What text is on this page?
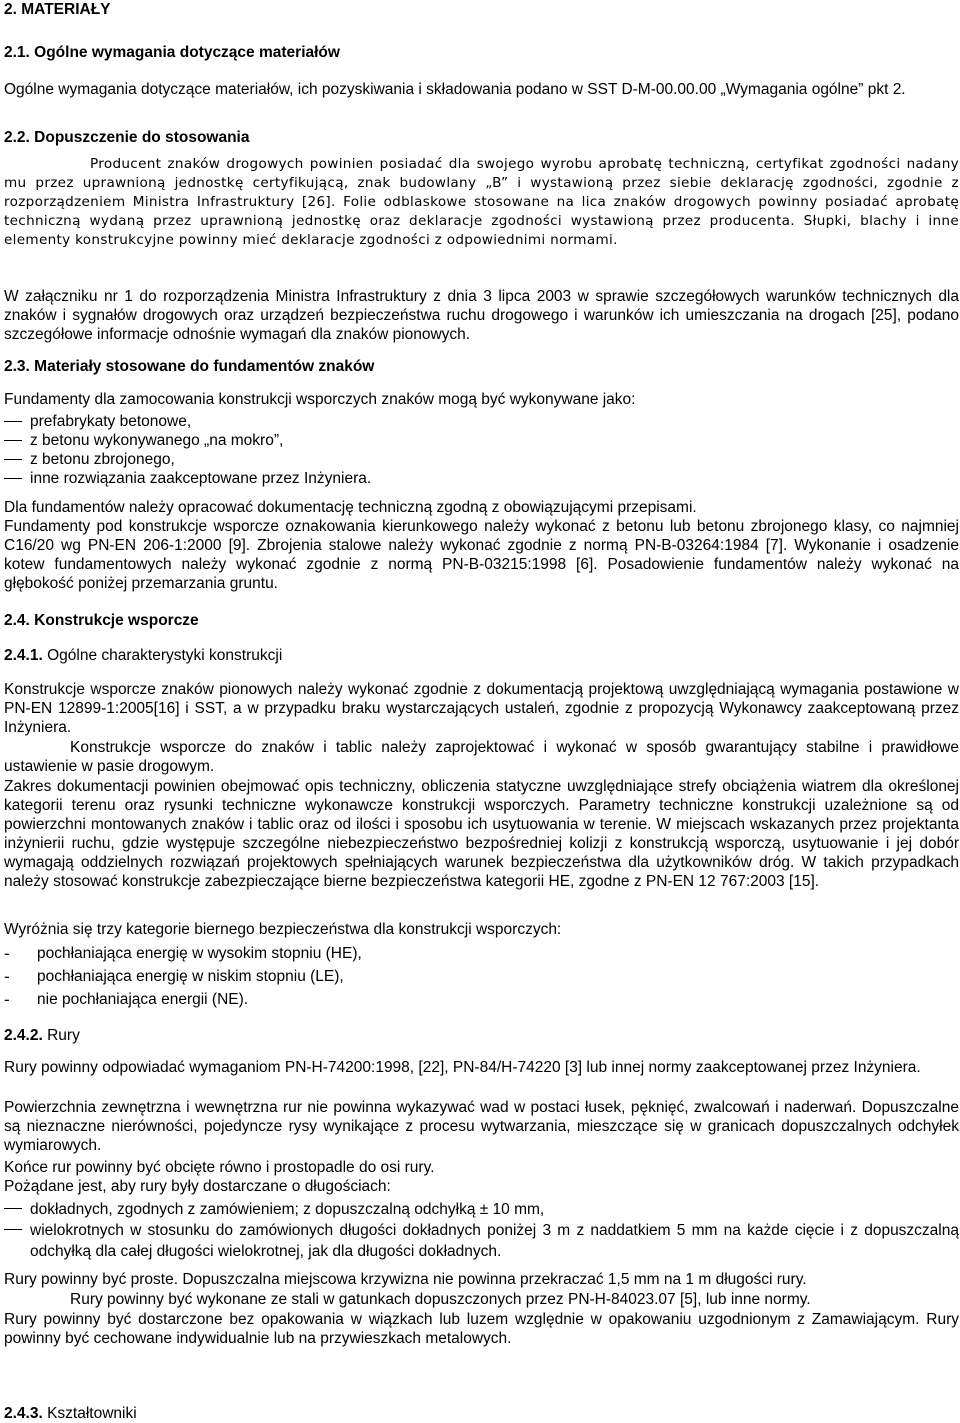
2. MATERIAŁY
2.1. Ogólne wymagania dotyczące materiałów

Ogólne wymagania dotyczące materiałów, ich pozyskiwania i składowania podano w SST D-M-00.00.00 „Wymagania ogólne” pkt 2.

2.2. Dopuszczenie do stosowania

Producent znaków drogowych powinien posiadać dla swojego wyrobu aprobatę techniczną, certyfikat zgodności nadany mu przez uprawnioną jednostkę certyfikującą, znak budowlany „B” i wystawioną przez siebie deklarację zgodności, zgodnie z rozporządzeniem Ministra Infrastruktury [26]. Folie odblaskowe stosowane na lica znaków drogowych powinny posiadać aprobatę techniczną wydaną przez uprawnioną jednostkę oraz deklaracje zgodności wystawioną przez producenta. Słupki, blachy i inne elementy konstrukcyjne powinny mieć deklaracje zgodności z odpowiednimi normami.

W załączniku nr 1 do rozporządzenia Ministra Infrastruktury z dnia 3 lipca 2003 w sprawie szczegółowych warunków technicznych dla znaków i sygnałów drogowych oraz urządzeń bezpieczeństwa ruchu drogowego i warunków ich umieszczania na drogach [25], podano szczegółowe informacje odnośnie wymagań dla znaków pionowych.

2.3. Materiały stosowane do fundamentów znaków

Fundamenty dla zamocowania konstrukcji wsporczych znaków mogą być wykonywane jako:

prefabrykaty betonowe,
z betonu wykonywanego „na mokro”,
z betonu zbrojonego,
inne rozwiązania zaakceptowane przez Inżyniera.

Dla fundamentów należy opracować dokumentację techniczną zgodną z obowiązującymi przepisami.

Fundamenty pod konstrukcje wsporcze oznakowania kierunkowego należy wykonać z betonu lub betonu zbrojonego klasy, co najmniej C16/20 wg PN-EN 206-1:2000 [9]. Zbrojenia stalowe należy wykonać zgodnie z normą PN-B-03264:1984 [7]. Wykonanie i osadzenie kotew fundamentowych należy wykonać zgodnie z normą PN-B-03215:1998 [6]. Posadowienie fundamentów należy wykonać na głębokość poniżej przemarzania gruntu.

2.4. Konstrukcje wsporcze
2.4.1. Ogólne charakterystyki konstrukcji

Konstrukcje wsporcze znaków pionowych należy wykonać zgodnie z dokumentacją projektową uwzględniającą wymagania postawione w PN-EN 12899-1:2005[16] i SST, a w przypadku braku wystarczających ustaleń, zgodnie z propozycją Wykonawcy zaakceptowaną przez Inżyniera.

Konstrukcje wsporcze do znaków i tablic należy zaprojektować i wykonać w sposób gwarantujący stabilne i prawidłowe ustawienie w pasie drogowym.

Zakres dokumentacji powinien obejmować opis techniczny, obliczenia statyczne uwzględniające strefy obciążenia wiatrem dla określonej kategorii terenu oraz rysunki techniczne wykonawcze konstrukcji wsporczych. Parametry techniczne konstrukcji uzależnione są od powierzchni montowanych znaków i tablic oraz od ilości i sposobu ich usytuowania w terenie. W miejscach wskazanych przez projektanta inżynierii ruchu, gdzie występuje szczególne niebezpieczeństwo bezpośredniej kolizji z konstrukcją wsporczą, usytuowanie i jej dobór wymagają oddzielnych rozwiązań projektowych spełniających warunek bezpieczeństwa dla użytkowników dróg. W takich przypadkach należy stosować konstrukcje zabezpieczające bierne bezpieczeństwa kategorii HE, zgodne z PN-EN 12 767:2003 [15].

Wyróżnia się trzy kategorie biernego bezpieczeństwa dla konstrukcji wsporczych:

-	pochłaniająca energię w wysokim stopniu (HE),
-	pochłaniająca energię w niskim stopniu (LE),
-	nie pochłaniająca energii (NE).
2.4.2. Rury

Rury powinny odpowiadać wymaganiom PN-H-74200:1998, [22], PN-84/H-74220 [3] lub innej normy zaakceptowanej przez Inżyniera.

Powierzchnia zewnętrzna i wewnętrzna rur nie powinna wykazywać wad w postaci łusek, pęknięć, zwalcowań i naderwań. Dopuszczalne są nieznaczne nierówności, pojedyncze rysy wynikające z procesu wytwarzania, mieszczące się w granicach dopuszczalnych odchyłek wymiarowych.

Końce rur powinny być obcięte równo i prostopadle do osi rury.

Pożądane jest, aby rury były dostarczane o długościach:

dokładnych, zgodnych z zamówieniem; z dopuszczalną odchyłką ± 10 mm,
wielokrotnych w stosunku do zamówionych długości dokładnych poniżej 3 m z naddatkiem 5 mm na każde cięcie i z dopuszczalną odchyłką dla całej długości wielokrotnej, jak dla długości dokładnych.

Rury powinny być proste. Dopuszczalna miejscowa krzywizna nie powinna przekraczać 1,5 mm na 1 m długości rury.

Rury powinny być wykonane ze stali w gatunkach dopuszczonych przez PN-H-84023.07 [5], lub inne normy.

Rury powinny być dostarczone bez opakowania w wiązkach lub luzem względnie w opakowaniu uzgodnionym z Zamawiającym. Rury powinny być cechowane indywidualnie lub na przywieszkach metalowych.

2.4.3. Kształtowniki
